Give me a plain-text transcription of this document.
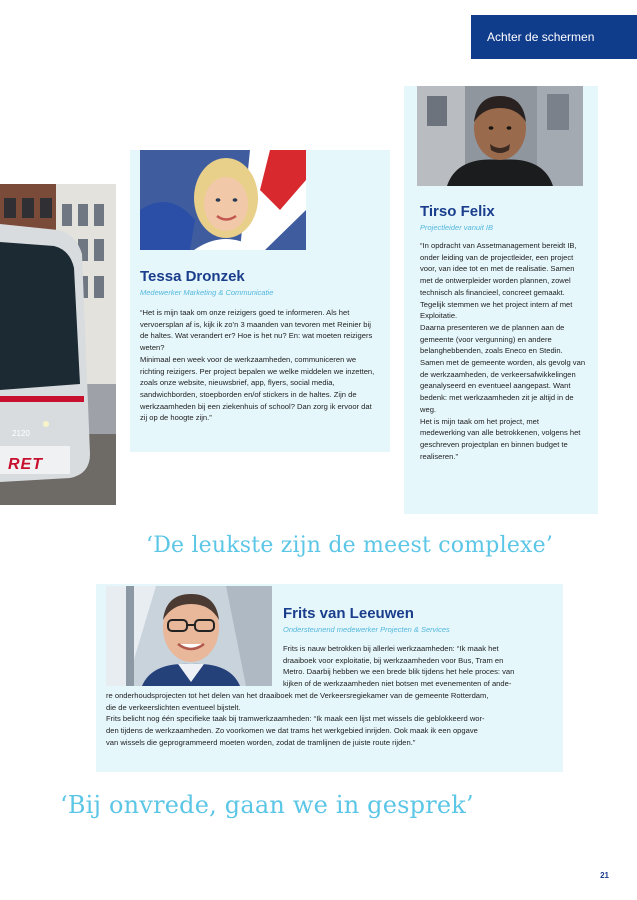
Achter de schermen
2120
RET
Tessa Dronzek
Medewerker Marketing & Communicatie

“Het is mijn taak om onze reizigers goed te informeren. Als het vervoersplan af is, kijk ik zo’n 3 maanden van tevoren met Reinier bij de haltes. Wat verandert er? Hoe is het nu? En: wat moeten reizigers weten?

Minimaal een week voor de werkzaamheden, communiceren we richting reizigers. Per project bepalen we welke middelen we inzetten, zoals onze website, nieuwsbrief, app, flyers, social media, sandwichborden, stoepborden en/of stickers in de haltes. Zijn de werkzaamheden bij een ziekenhuis of school? Dan zorg ik ervoor dat zij op de hoogte zijn.”

Tirso Felix
Projectleider vanuit IB

“In opdracht van Assetmanagement bereidt IB, onder leiding van de projectleider, een project voor, van idee tot en met de realisatie. Samen met de ontwerpleider worden plannen, zowel technisch als financieel, concreet gemaakt. Tegelijk stemmen we het project intern af met Exploitatie.

Daarna presenteren we de plannen aan de gemeente (voor vergunning) en andere belanghebbenden, zoals Eneco en Stedin. Samen met de gemeente worden, als gevolg van de werkzaamheden, de verkeersafwikkelingen geanalyseerd en eventueel aangepast. Want bedenk: met werkzaamheden zit je altijd in de weg.

Het is mijn taak om het project, met medewerking van alle betrokkenen, volgens het geschreven projectplan en binnen budget te realiseren.”

‘De leukste zijn de meest complexe’
Frits van Leeuwen
Ondersteunend medewerker Projecten & Services

Frits is nauw betrokken bij allerlei werkzaamheden: “Ik maak het

draaiboek voor exploitatie, bij werkzaamheden voor Bus, Tram en

Metro. Daarbij hebben we een brede blik tijdens het hele proces: van

kijken of de werkzaamheden niet botsen met evenementen of ande-

re onderhoudsprojecten tot het delen van het draaiboek met de Verkeersregiekamer van de gemeente Rotterdam,

die de verkeerslichten eventueel bijstelt.

Frits belicht nog één specifieke taak bij tramwerkzaamheden: “Ik maak een lijst met wissels die geblokkeerd wor-

den tijdens de werkzaamheden. Zo voorkomen we dat trams het werkgebied inrijden. Ook maak ik een opgave

van wissels die geprogrammeerd moeten worden, zodat de tramlijnen de juiste route rijden.”

‘Bij onvrede, gaan we in gesprek’
21
